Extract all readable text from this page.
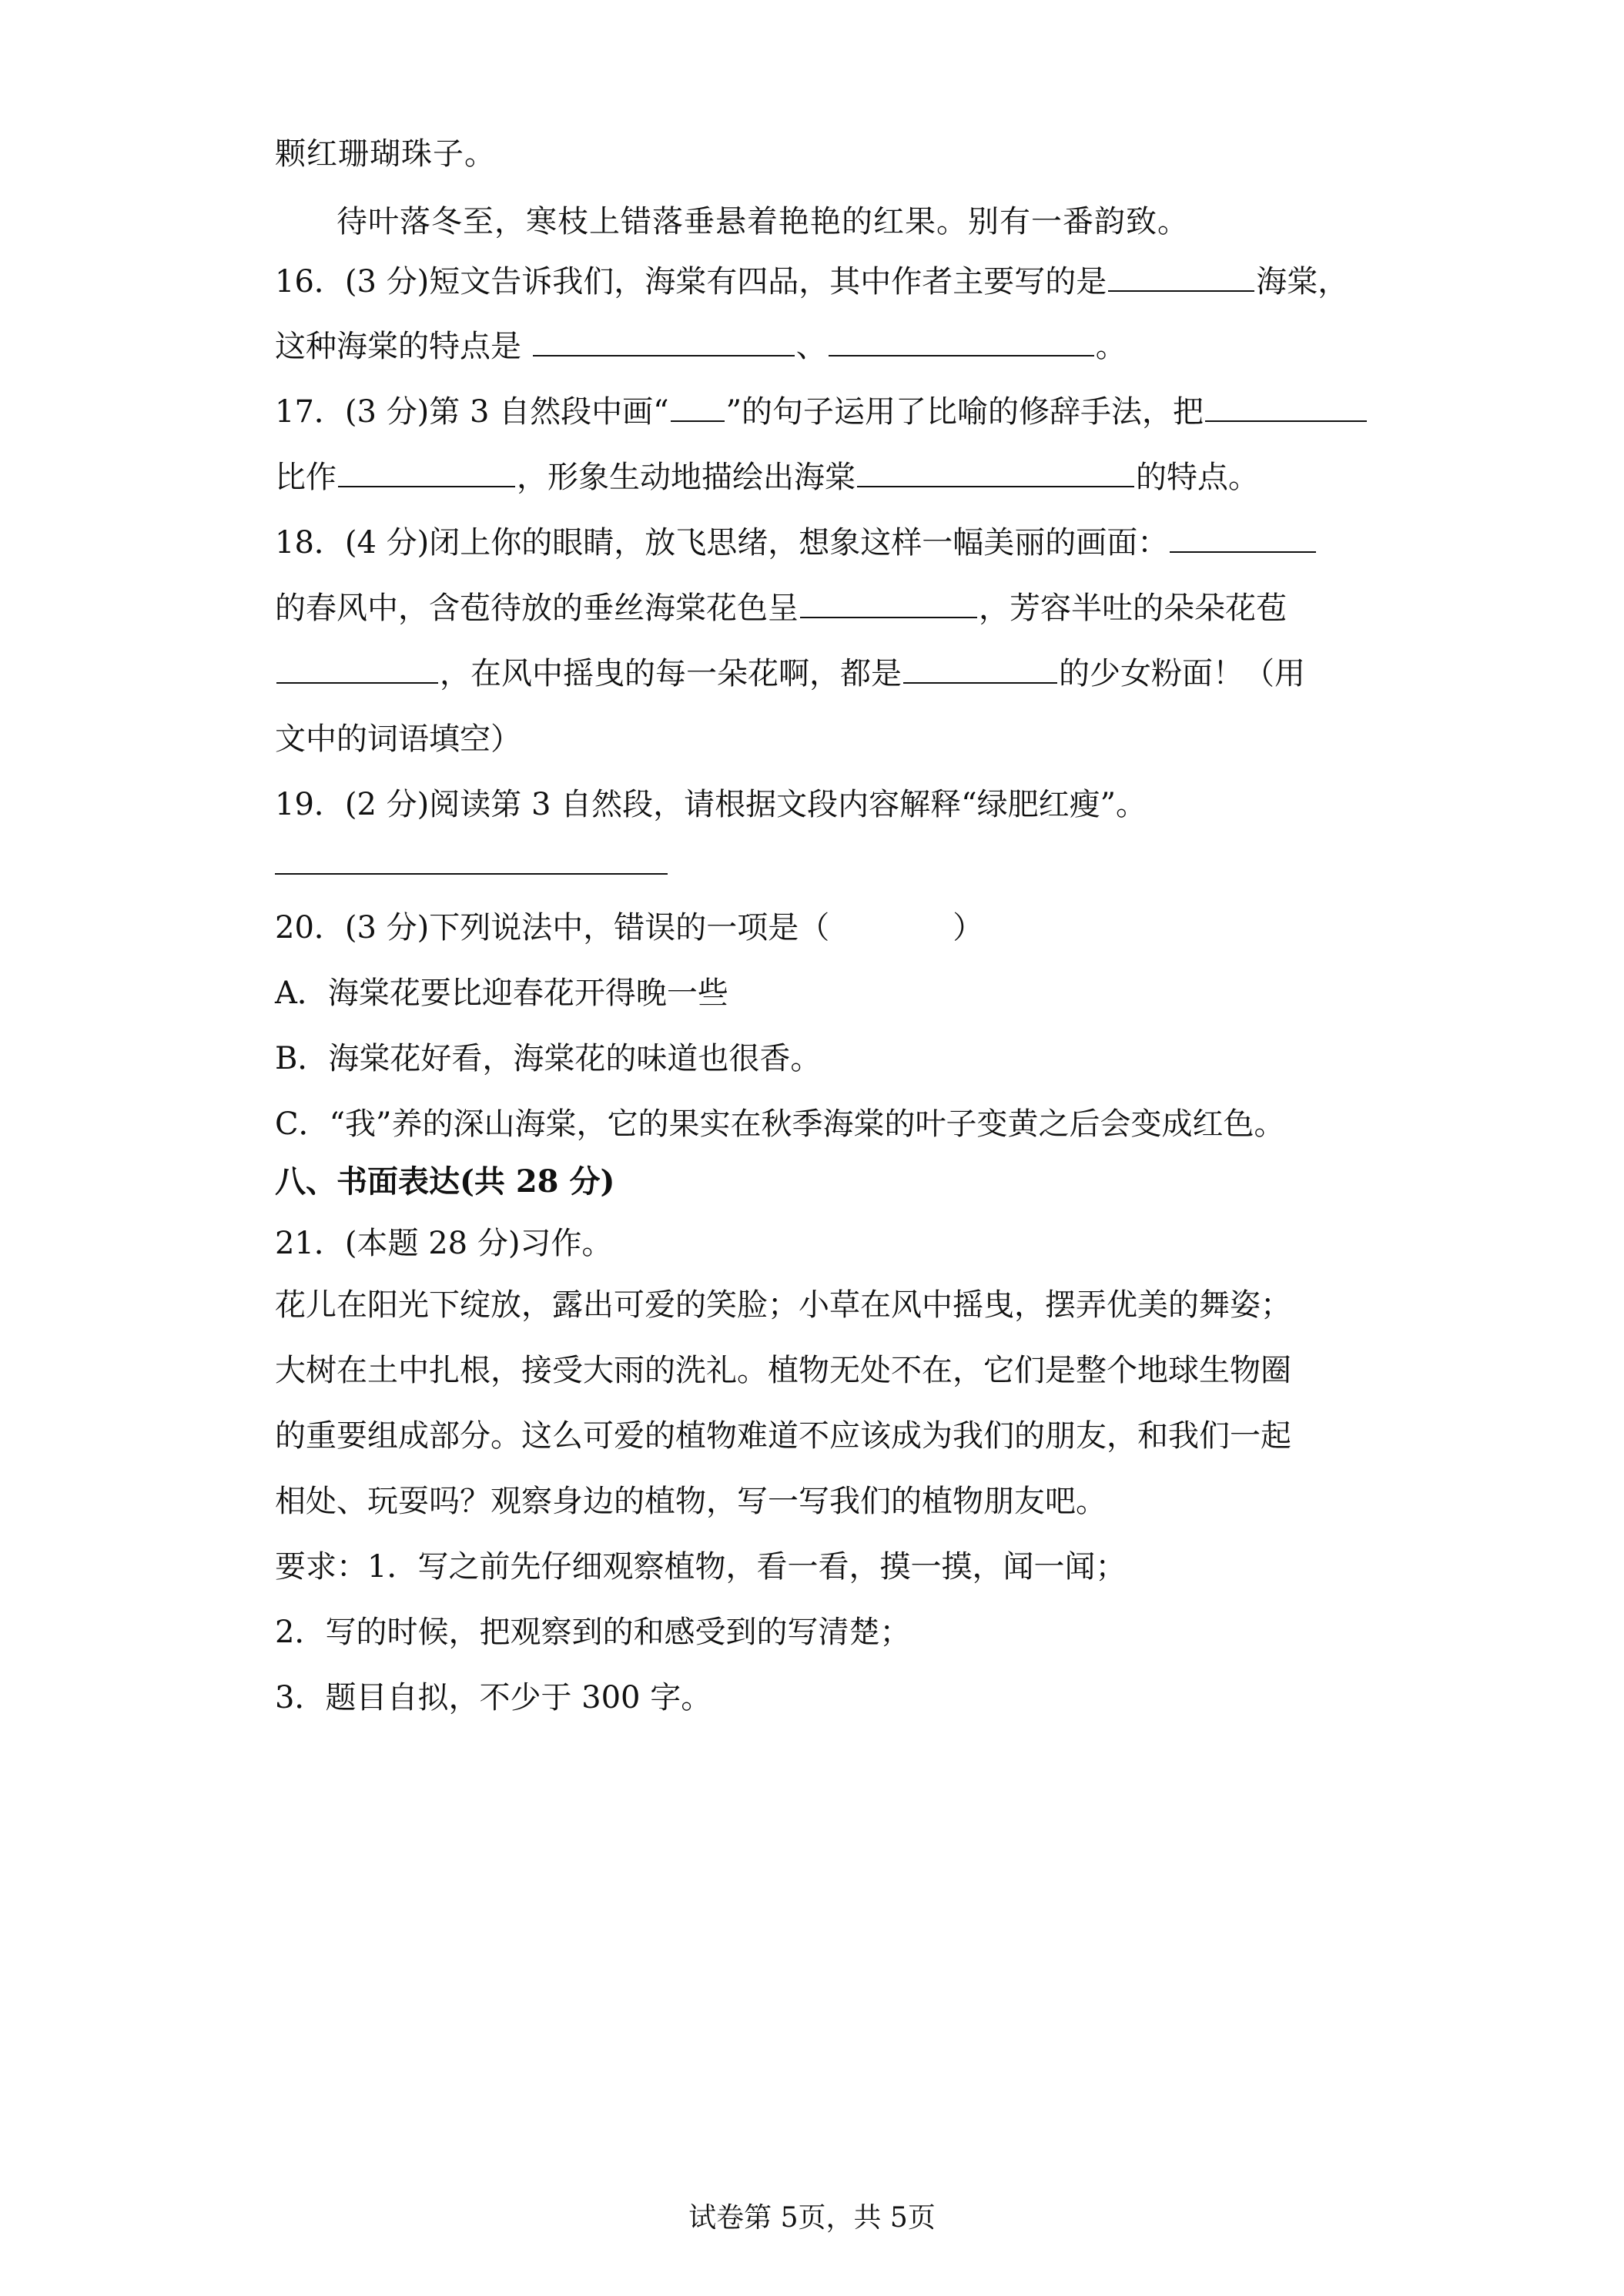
颗红珊瑚珠子。
待叶落冬至，寒枝上错落垂悬着艳艳的红果。别有一番韵致。
16．(3 分)短文告诉我们，海棠有四品，其中作者主要写的是	海棠，
这种海棠的特点是	、	。
17．(3 分)第 3 自然段中画“ ”的句子运用了比喻的修辞手法，把
比作	，形象生动地描绘出海棠	的特点。
18．(4 分)闭上你的眼睛，放飞思绪，想象这样一幅美丽的画面：
的春风中，含苞待放的垂丝海棠花色呈	，芳容半吐的朵朵花苞
，在风中摇曳的每一朵花啊，都是	的少女粉面！（用
文中的词语填空）
19．(2 分)阅读第 3 自然段，请根据文段内容解释“绿肥红瘦”。
20．(3 分)下列说法中，错误的一项是（　　　　）
A．海棠花要比迎春花开得晚一些
B．海棠花好看，海棠花的味道也很香。
C．“我”养的深山海棠，它的果实在秋季海棠的叶子变黄之后会变成红色。
八、书面表达(共 28 分)
21．(本题 28 分)习作。
花儿在阳光下绽放，露出可爱的笑脸；小草在风中摇曳，摆弄优美的舞姿；
大树在土中扎根，接受大雨的洗礼。植物无处不在，它们是整个地球生物圈
的重要组成部分。这么可爱的植物难道不应该成为我们的朋友，和我们一起
相处、玩耍吗？观察身边的植物，写一写我们的植物朋友吧。
要求：1．写之前先仔细观察植物，看一看，摸一摸，闻一闻；
2．写的时候，把观察到的和感受到的写清楚；
3．题目自拟，不少于 300 字。
试卷第 5页，共 5页
